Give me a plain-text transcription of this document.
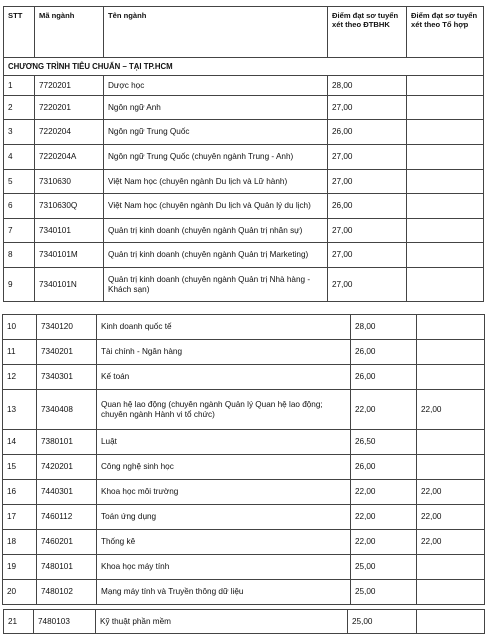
STT	Mã ngành	Tên ngành	Điểm đạt sơ tuyển xét theo ĐTBHK	Điểm đạt sơ tuyển xét theo Tổ hợp
CHƯƠNG TRÌNH TIÊU CHUẨN – TẠI TP.HCM				
1	7720201	Dược học	28,00	
2	7220201	Ngôn ngữ Anh	27,00	
3	7220204	Ngôn ngữ Trung Quốc	26,00	
4	7220204A	Ngôn ngữ Trung Quốc (chuyên ngành Trung - Anh)	27,00	
5	7310630	Việt Nam học (chuyên ngành Du lịch và Lữ hành)	27,00	
6	7310630Q	Việt Nam học (chuyên ngành Du lịch và Quản lý du lịch)	26,00	
7	7340101	Quản trị kinh doanh (chuyên ngành Quản trị nhân sự)	27,00	
8	7340101M	Quản trị kinh doanh (chuyên ngành Quản trị Marketing)	27,00	
9	7340101N	Quản trị kinh doanh (chuyên ngành Quản trị Nhà hàng - Khách sạn)	27,00	
10	7340120	Kinh doanh quốc tế	28,00	
11	7340201	Tài chính - Ngân hàng	26,00	
12	7340301	Kế toán	26,00	
13	7340408	Quan hệ lao động (chuyên ngành Quản lý Quan hệ lao động; chuyên ngành Hành vi tổ chức)	22,00	22,00
14	7380101	Luật	26,50	
15	7420201	Công nghệ sinh học	26,00	
16	7440301	Khoa học môi trường	22,00	22,00
17	7460112	Toán ứng dụng	22,00	22,00
18	7460201	Thống kê	22,00	22,00
19	7480101	Khoa học máy tính	25,00	
20	7480102	Mạng máy tính và Truyền thông dữ liệu	25,00	
21	7480103	Kỹ thuật phần mềm	25,00	
